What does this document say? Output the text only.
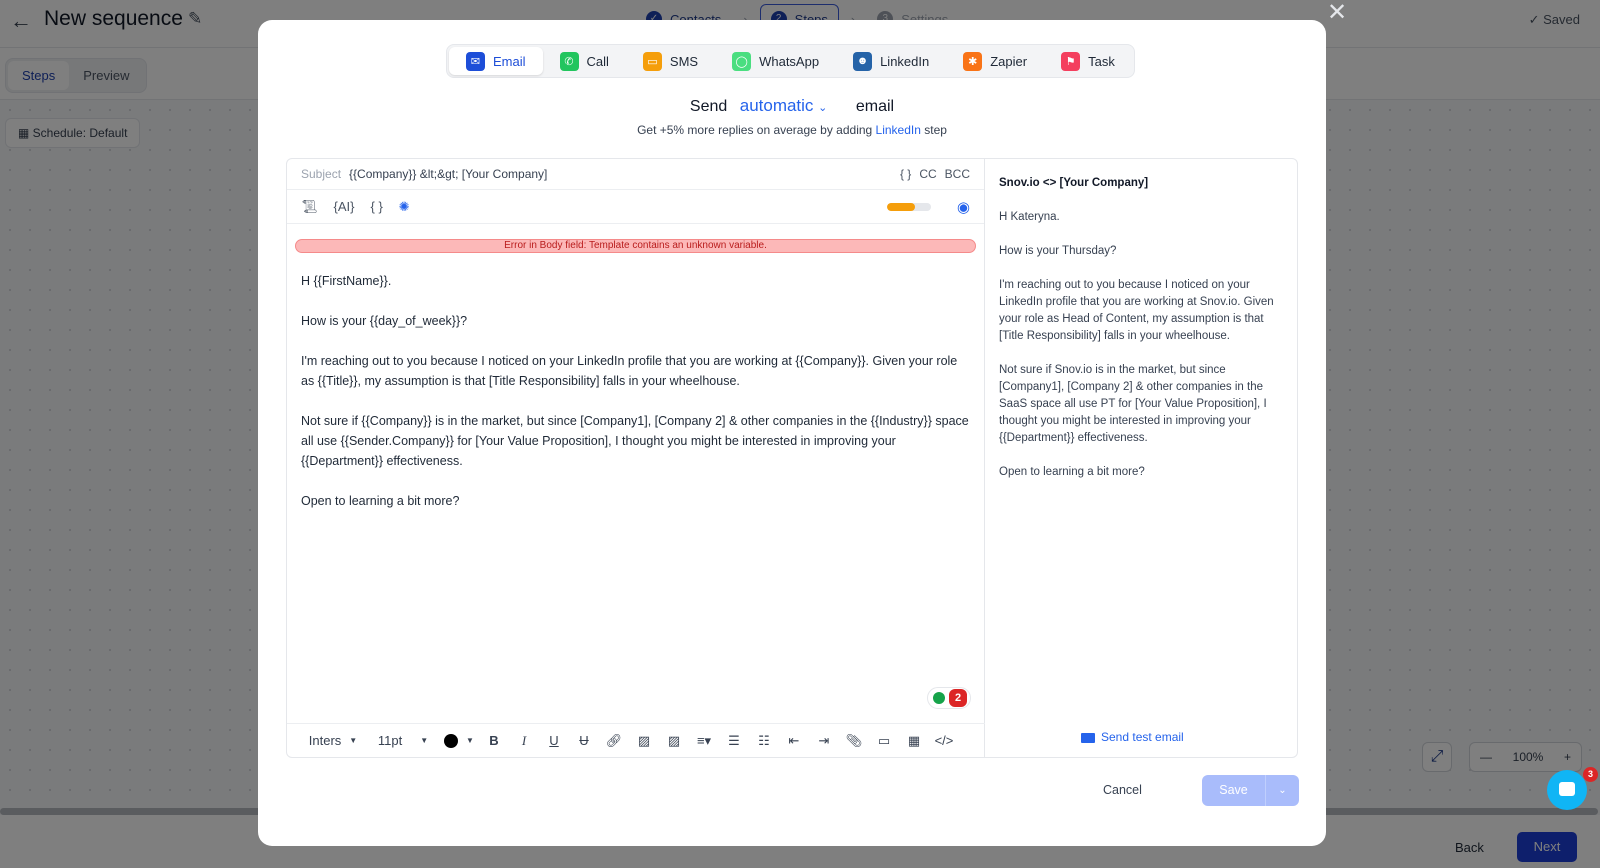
✕
✉ Email	✆ Call	▭ SMS	◯ WhatsApp	☻ LinkedIn	✱ Zapier	⚑ Task
Send automatic ⌄ email
Get +5% more replies on average by adding LinkedIn step
Subject {{Company}} &lt;&gt; [Your Company]	{ } CC BCC
📜︎ {AI} { } ✺	◉
Error in Body field: Template contains an unknown variable.

H {{FirstName}}.

How is your {{day_of_week}}?

I'm reaching out to you because I noticed on your LinkedIn profile that you are working at {{Company}}. Given your role as {{Title}}, my assumption is that [Title Responsibility] falls in your wheelhouse.

Not sure if {{Company}} is in the market, but since [Company1], [Company 2] & other companies in the {{Industry}} space all use {{Sender.Company}} for [Your Value Proposition], I thought you might be interested in improving your {{Department}} effectiveness.

Open to learning a bit more?

2
Inters ▼ 11pt ▼	▼	B	I	U	U	🔗︎	▨	▨	≡▾	☰	☷	⇤	⇥	📎︎	▭	▦	</>
Snov.io <> [Your Company]

H Kateryna.

How is your Thursday?

I'm reaching out to you because I noticed on your LinkedIn profile that you are working at Snov.io. Given your role as Head of Content, my assumption is that [Title Responsibility] falls in your wheelhouse.

Not sure if Snov.io is in the market, but since [Company1], [Company 2] & other companies in the SaaS space all use PT for [Your Value Proposition], I thought you might be interested in improving your {{Department}} effectiveness.

Open to learning a bit more?

Send test email
Cancel	Save	⌄
3
